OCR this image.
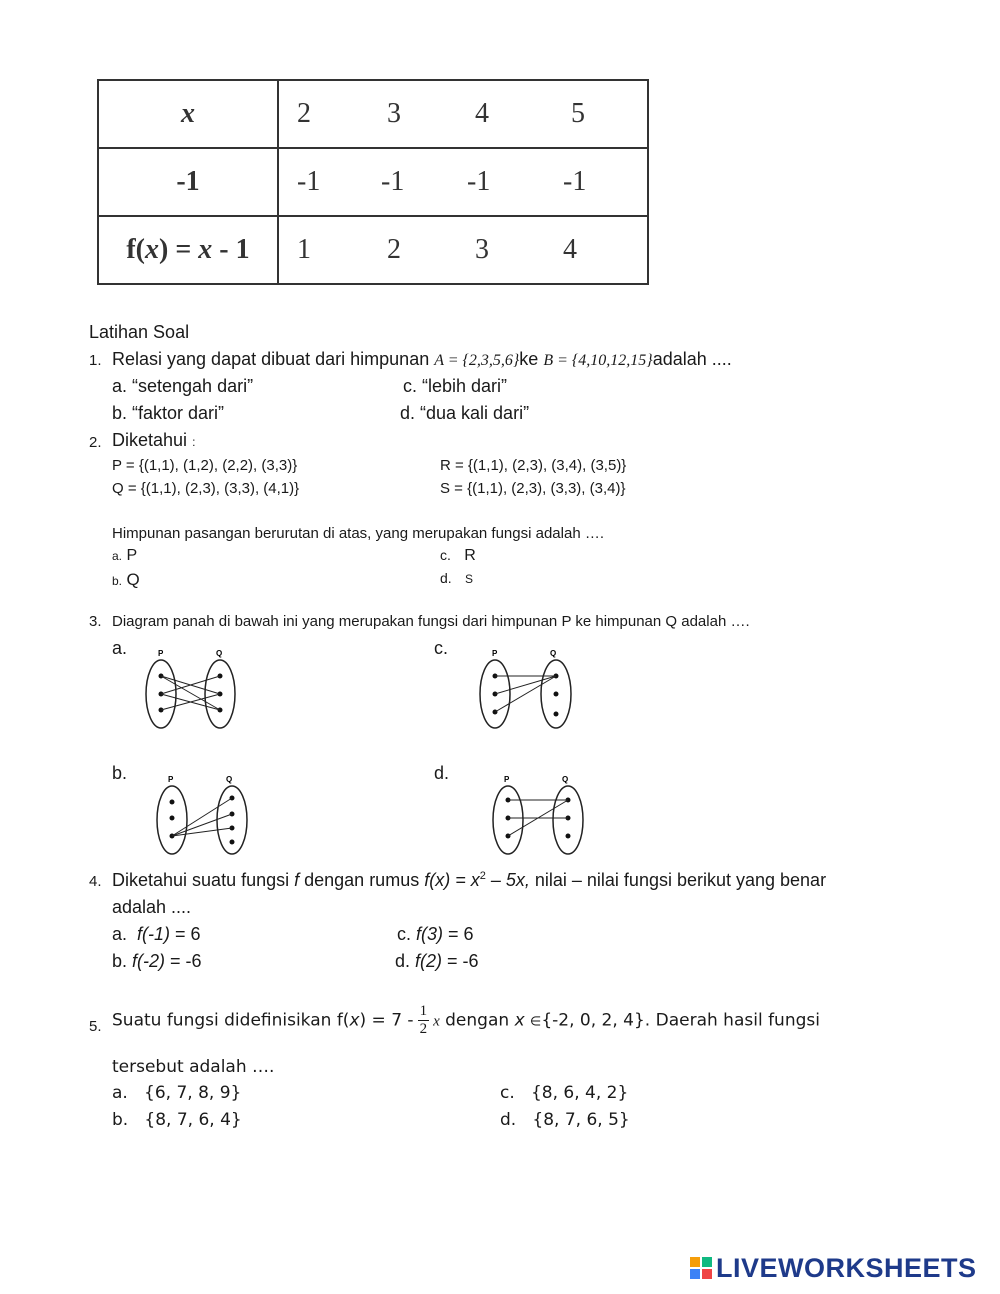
x	2 3 4 5

-1	-1 -1 -1 -1

f(x) = x - 1	1 2 3 4
Latihan Soal
1. Relasi yang dapat dibuat dari himpunan A = {2,3,5,6}ke B = {4,10,12,15}adalah ....
a. “setengah dari”	c. “lebih dari”
b. “faktor dari”	d. “dua kali dari”
2. Diketahui :
P = {(1,1), (1,2), (2,2), (3,3)}
Q = {(1,1), (2,3), (3,3), (4,1)}
R = {(1,1), (2,3), (3,4), (3,5)}
S = {(1,1), (2,3), (3,3), (3,4)}
Himpunan pasangan berurutan di atas, yang merupakan fungsi adalah ….
a. P
b. Q
c. R
d. S
3. Diagram panah di bawah ini yang merupakan fungsi dari himpunan P ke himpunan Q adalah ….
a.	c.
b.	d.
P	Q	P	Q
P	Q	P	Q
4. Diketahui suatu fungsi f dengan rumus $f(x) = x^2 - 5x$, nilai – nilai fungsi berikut yang benar
adalah ....
a. f(-1) = 6
b. f(-2) = -6
c. f(3) = 6
d. f(2) = -6
5. Suatu fungsi didefinisikan $f(x) = 7 - \frac{1}{2}$ x dengan x ∈{-2, 0, 2, 4}. Daerah hasil fungsi
tersebut adalah ….
a. {6, 7, 8, 9}
b. {8, 7, 6, 4}
c. {8, 6, 4, 2}
d. {8, 7, 6, 5}
LIVEWORKSHEETS
